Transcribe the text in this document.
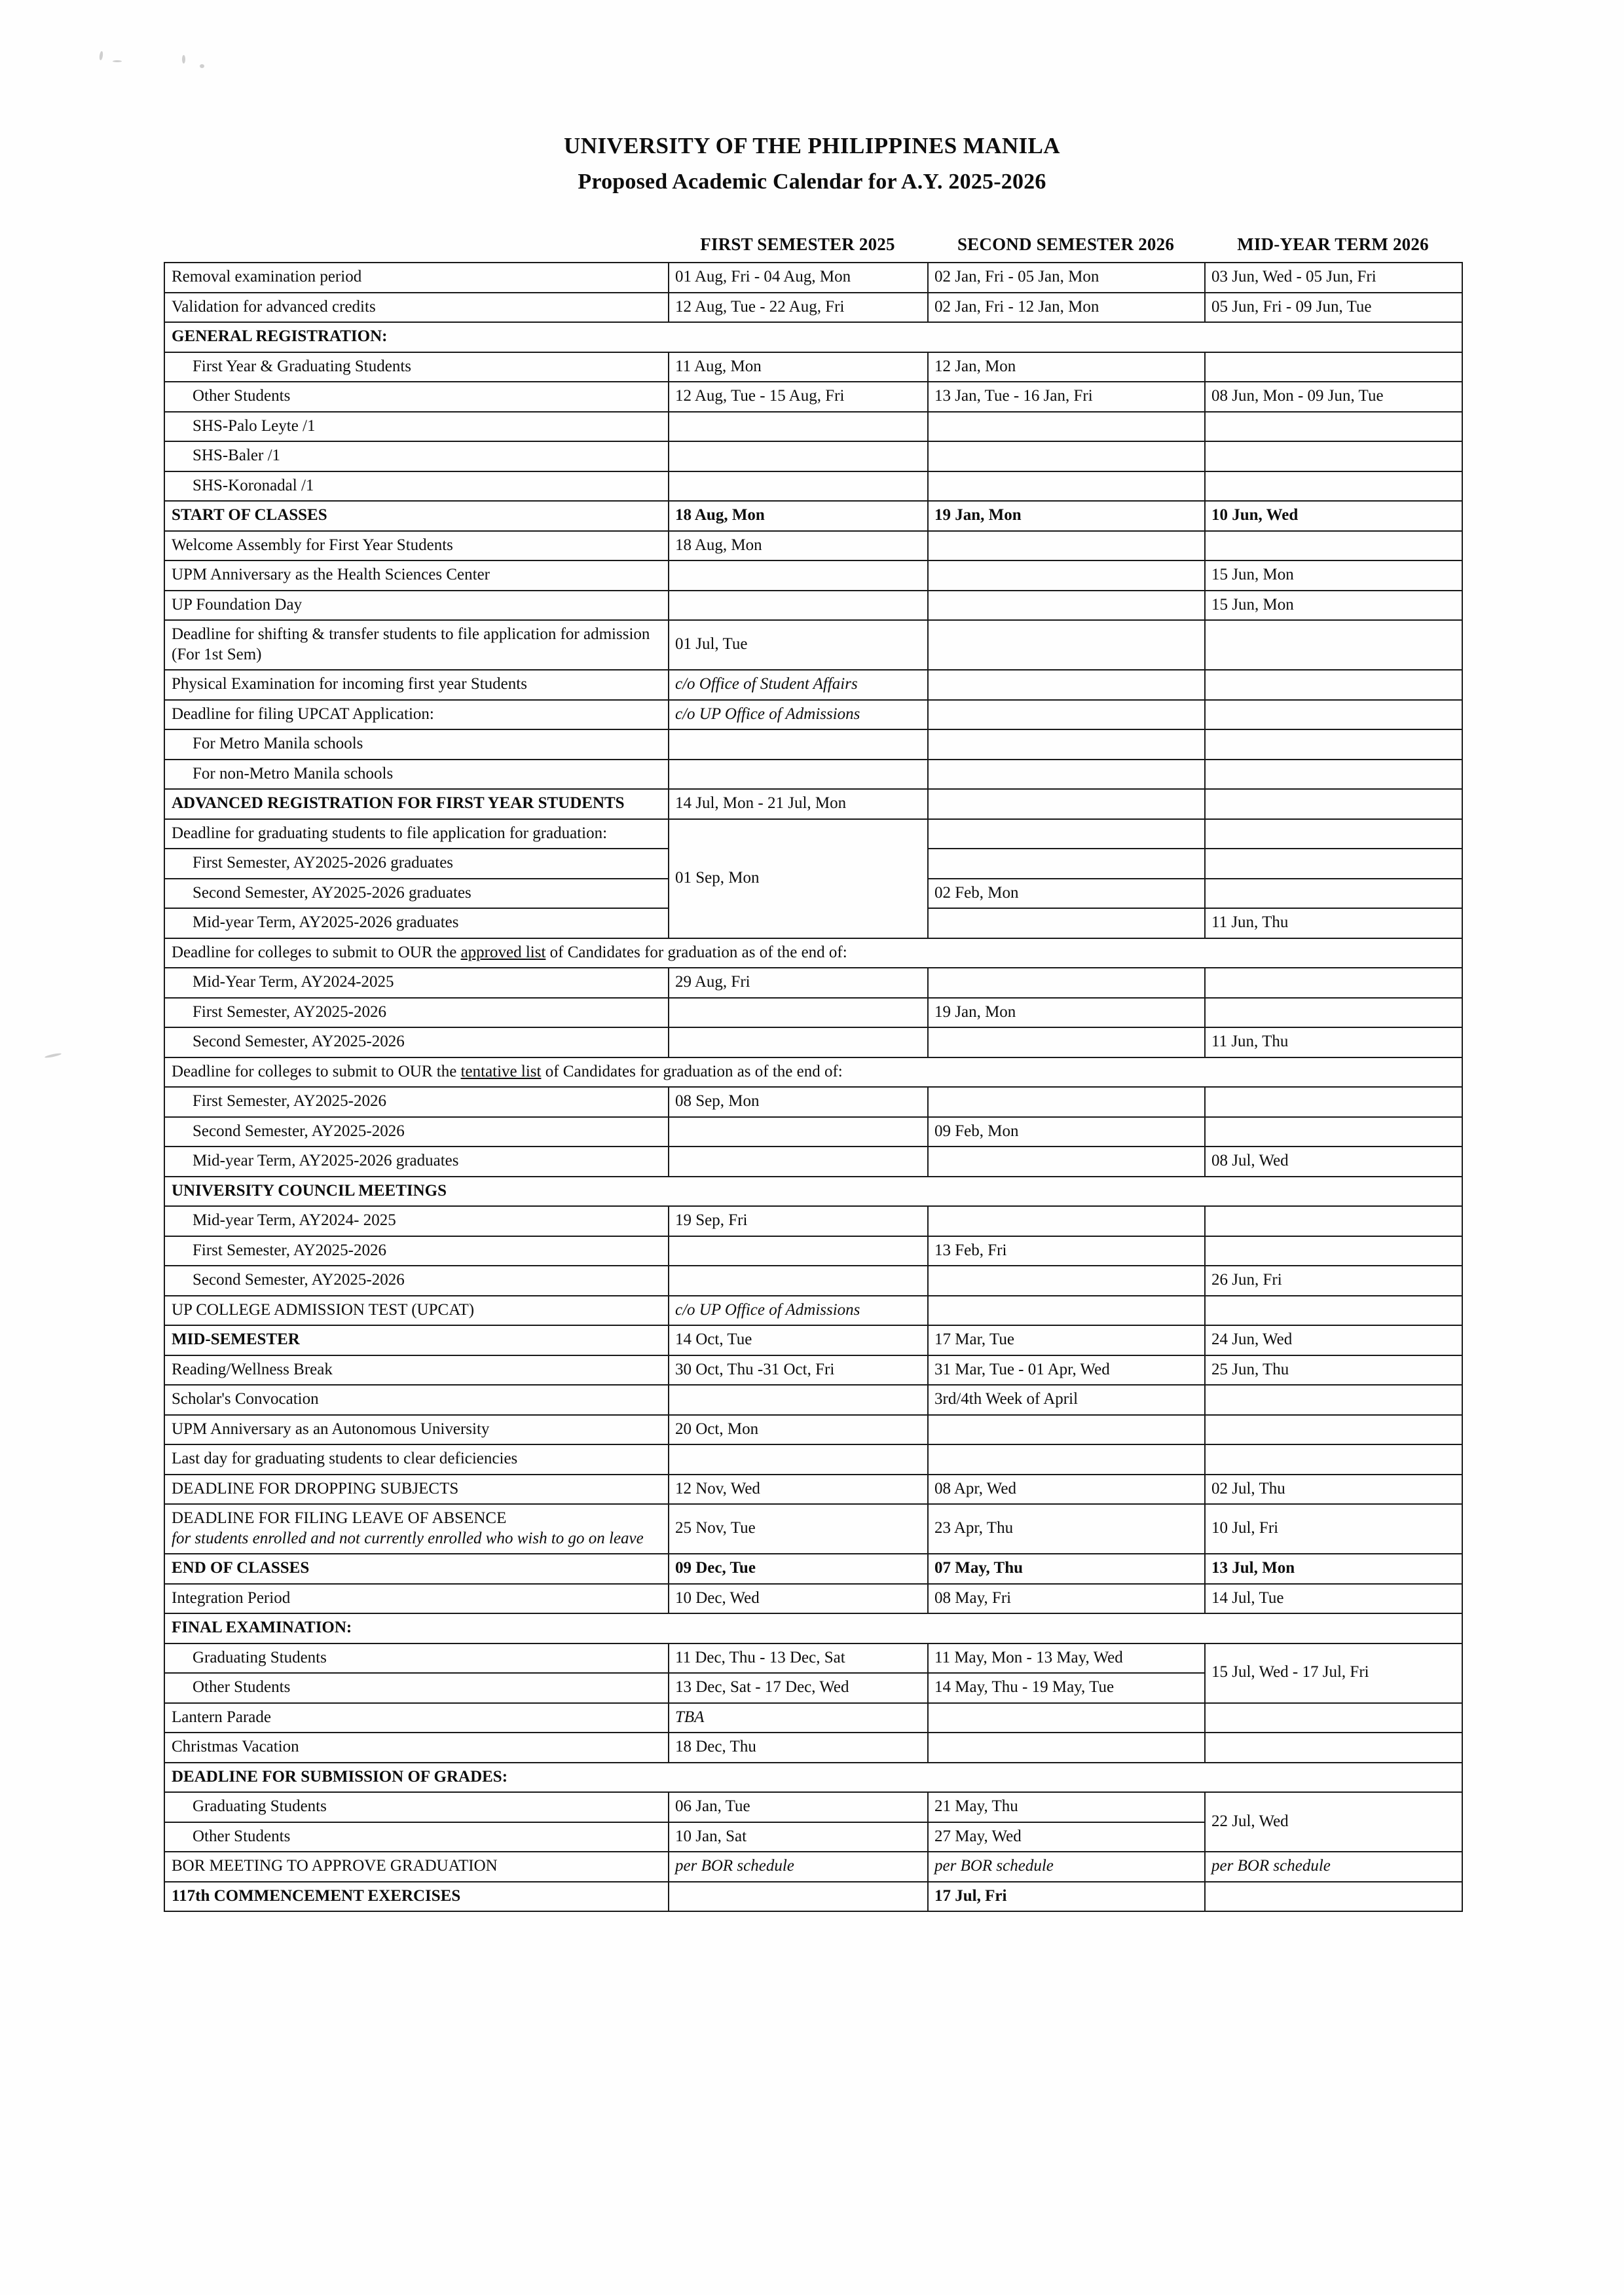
UNIVERSITY OF THE PHILIPPINES MANILA
Proposed Academic Calendar for A.Y. 2025-2026
FIRST SEMESTER 2025	SECOND SEMESTER 2026	MID-YEAR TERM 2026
Removal examination period	01 Aug, Fri - 04 Aug, Mon	02 Jan, Fri - 05 Jan, Mon	03 Jun, Wed - 05 Jun, Fri
Validation for advanced credits	12 Aug, Tue - 22 Aug, Fri	02 Jan, Fri - 12 Jan, Mon	05 Jun, Fri - 09 Jun, Tue
GENERAL REGISTRATION:			
First Year & Graduating Students	11 Aug, Mon	12 Jan, Mon	
Other Students	12 Aug, Tue - 15 Aug, Fri	13 Jan, Tue - 16 Jan, Fri	08 Jun, Mon - 09 Jun, Tue
SHS-Palo Leyte /1			
SHS-Baler /1			
SHS-Koronadal /1			
START OF CLASSES	18 Aug, Mon	19 Jan, Mon	10 Jun, Wed
Welcome Assembly for First Year Students	18 Aug, Mon		
UPM Anniversary as the Health Sciences Center			15 Jun, Mon
UP Foundation Day			15 Jun, Mon
Deadline for shifting & transfer students to file application for admission (For 1st Sem)	01 Jul, Tue		
Physical Examination for incoming first year Students	c/o Office of Student Affairs		
Deadline for filing UPCAT Application:	c/o UP Office of Admissions		
For Metro Manila schools			
For non-Metro Manila schools			
ADVANCED REGISTRATION FOR FIRST YEAR STUDENTS	14 Jul, Mon - 21 Jul, Mon		
Deadline for graduating students to file application for graduation:	01 Sep, Mon		
First Semester, AY2025-2026 graduates			
Second Semester, AY2025-2026 graduates		02 Feb, Mon	
Mid-year Term, AY2025-2026 graduates			11 Jun, Thu
Deadline for colleges to submit to OUR the approved list of Candidates for graduation as of the end of:			
Mid-Year Term, AY2024-2025	29 Aug, Fri		
First Semester, AY2025-2026		19 Jan, Mon	
Second Semester, AY2025-2026			11 Jun, Thu
Deadline for colleges to submit to OUR the tentative list of Candidates for graduation as of the end of:			
First Semester, AY2025-2026	08 Sep, Mon		
Second Semester, AY2025-2026		09 Feb, Mon	
Mid-year Term, AY2025-2026 graduates			08 Jul, Wed
UNIVERSITY COUNCIL MEETINGS			
Mid-year Term, AY2024- 2025	19 Sep, Fri		
First Semester, AY2025-2026		13 Feb, Fri	
Second Semester, AY2025-2026			26 Jun, Fri
UP COLLEGE ADMISSION TEST (UPCAT)	c/o UP Office of Admissions		
MID-SEMESTER	14 Oct, Tue	17 Mar, Tue	24 Jun, Wed
Reading/Wellness Break	30 Oct, Thu -31 Oct, Fri	31 Mar, Tue - 01 Apr, Wed	25 Jun, Thu
Scholar's Convocation		3rd/4th Week of April	
UPM Anniversary as an Autonomous University	20 Oct, Mon		
Last day for graduating students to clear deficiencies			
DEADLINE FOR DROPPING SUBJECTS	12 Nov, Wed	08 Apr, Wed	02 Jul, Thu

DEADLINE FOR FILING LEAVE OF ABSENCE
for students enrolled and not currently enrolled who wish to go on leave	25 Nov, Tue	23 Apr, Thu	10 Jul, Fri
END OF CLASSES	09 Dec, Tue	07 May, Thu	13 Jul, Mon
Integration Period	10 Dec, Wed	08 May, Fri	14 Jul, Tue
FINAL EXAMINATION:			
Graduating Students	11 Dec, Thu - 13 Dec, Sat	11 May, Mon - 13 May, Wed	15 Jul, Wed - 17 Jul, Fri
Other Students	13 Dec, Sat - 17 Dec, Wed	14 May, Thu - 19 May, Tue	
Lantern Parade	TBA		
Christmas Vacation	18 Dec, Thu		
DEADLINE FOR SUBMISSION OF GRADES:			
Graduating Students	06 Jan, Tue	21 May, Thu	22 Jul, Wed
Other Students	10 Jan, Sat	27 May, Wed	
BOR MEETING TO APPROVE GRADUATION	per BOR schedule	per BOR schedule	per BOR schedule
117th COMMENCEMENT EXERCISES		17 Jul, Fri	
